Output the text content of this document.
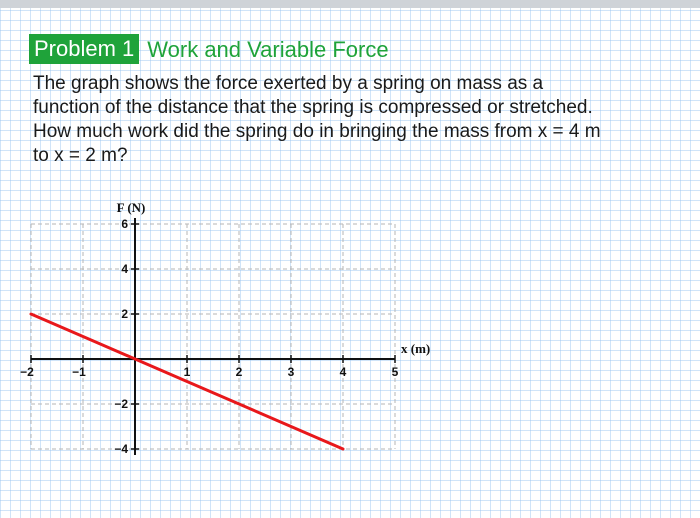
Problem 1 Work and Variable Force
The graph shows the force exerted by a spring on mass as a
function of the distance that the spring is compressed or stretched.
How much work did the spring do in bringing the mass from x = 4 m
to x = 2 m?
−2	−1	1	2	3	4	5
6
4
2
−2
−4
x (m)
F (N)
